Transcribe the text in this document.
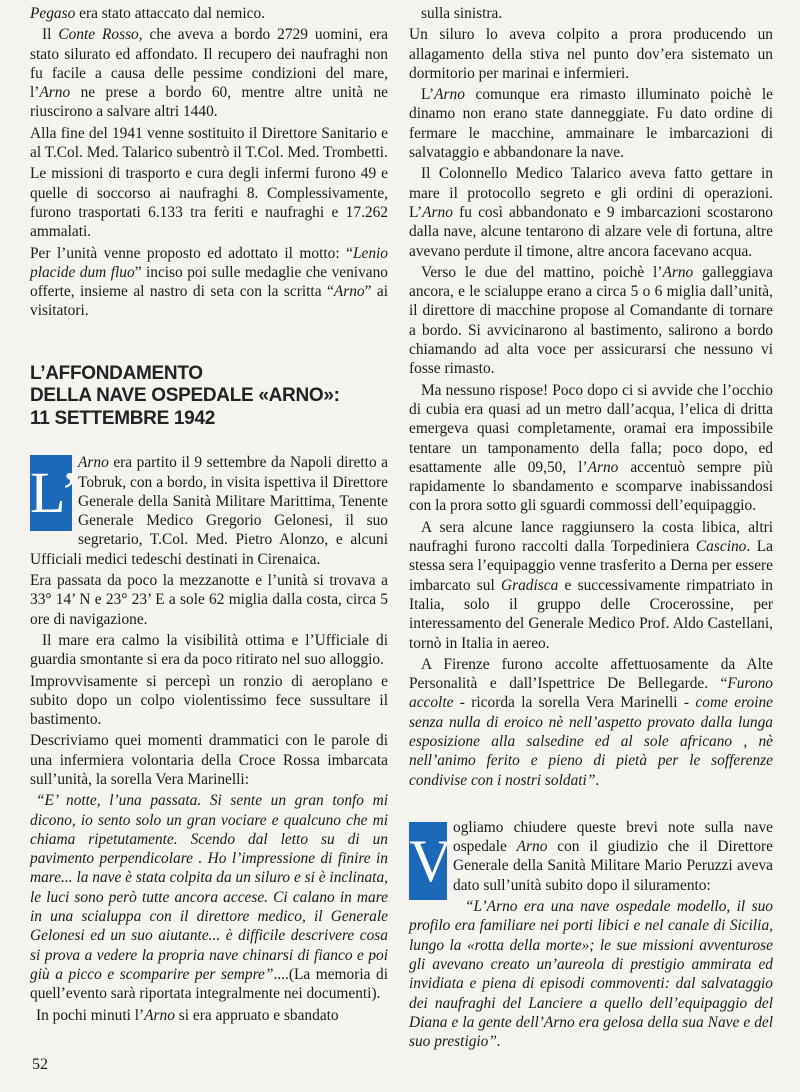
Pegaso era stato attaccato dal nemico.

Il Conte Rosso, che aveva a bordo 2729 uomini, era stato silurato ed affondato. Il recupero dei naufraghi non fu facile a causa delle pessime condizioni del mare, l’Arno ne prese a bordo 60, mentre altre unità ne riuscirono a salvare altri 1440.

Alla fine del 1941 venne sostituito il Direttore Sanitario e al T.Col. Med. Talarico subentrò il T.Col. Med. Trombetti.

Le missioni di trasporto e cura degli infermi furono 49 e quelle di soccorso ai naufraghi 8. Complessivamente, furono trasportati 6.133 tra feriti e naufraghi e 17.262 ammalati.

Per l’unità venne proposto ed adottato il motto: “Lenio placide dum fluo” inciso poi sulle medaglie che venivano offerte, insieme al nastro di seta con la scritta “Arno” ai visitatori.

L’AFFONDAMENTO
DELLA NAVE OSPEDALE «ARNO»:
11 SETTEMBRE 1942

L’
Arno era partito il 9 settembre da Napoli diretto a Tobruk, con a bordo, in visita ispettiva il Direttore Generale della Sanità Militare Marittima, Tenente Generale Medico Gregorio Gelonesi, il suo segretario, T.Col. Med. Pietro Alonzo, e alcuni Ufficiali medici tedeschi destinati in Cirenaica.

Era passata da poco la mezzanotte e l’unità si trovava a 33° 14’ N e 23° 23’ E a sole 62 miglia dalla costa, circa 5 ore di navigazione.

Il mare era calmo la visibilità ottima e l’Ufficiale di guardia smontante si era da poco ritirato nel suo alloggio.

Improvvisamente si percepì un ronzio di aeroplano e subito dopo un colpo violentissimo fece sussultare il bastimento.

Descriviamo quei momenti drammatici con le parole di una infermiera volontaria della Croce Rossa imbarcata sull’unità, la sorella Vera Marinelli:

“E’ notte, l’una passata. Si sente un gran tonfo mi dicono, io sento solo un gran vociare e qualcuno che mi chiama ripetutamente. Scendo dal letto su di un pavimento perpendicolare . Ho l’impressione di finire in mare... la nave è stata colpita da un siluro e si è inclinata, le luci sono però tutte ancora accese. Ci calano in mare in una scialuppa con il direttore medico, il Generale Gelonesi ed un suo aiutante... è difficile descrivere cosa si prova a vedere la propria nave chinarsi di fianco e poi giù a picco e scomparire per sempre”....(La memoria di quell’evento sarà riportata integralmente nei documenti).

In pochi minuti l’Arno si era appruato e sbandato

sulla sinistra.

Un siluro lo aveva colpito a prora producendo un allagamento della stiva nel punto dov’era sistemato un dormitorio per marinai e infermieri.

L’Arno comunque era rimasto illuminato poichè le dinamo non erano state danneggiate. Fu dato ordine di fermare le macchine, ammainare le imbarcazioni di salvataggio e abbandonare la nave.

Il Colonnello Medico Talarico aveva fatto gettare in mare il protocollo segreto e gli ordini di operazioni. L’Arno fu così abbandonato e 9 imbarcazioni scostarono dalla nave, alcune tentarono di alzare vele di fortuna, altre avevano perdute il timone, altre ancora facevano acqua.

Verso le due del mattino, poichè l’Arno galleggiava ancora, e le scialuppe erano a circa 5 o 6 miglia dall’unità, il direttore di macchine propose al Comandante di tornare a bordo. Si avvicinarono al bastimento, salirono a bordo chiamando ad alta voce per assicurarsi che nessuno vi fosse rimasto.

Ma nessuno rispose! Poco dopo ci si avvide che l’occhio di cubia era quasi ad un metro dall’acqua, l’elica di dritta emergeva quasi completamente, oramai era impossibile tentare un tamponamento della falla; poco dopo, ed esattamente alle 09,50, l’Arno accentuò sempre più rapidamente lo sbandamento e scomparve inabissandosi con la prora sotto gli sguardi commossi dell’equipaggio.

A sera alcune lance raggiunsero la costa libica, altri naufraghi furono raccolti dalla Torpediniera Cascino. La stessa sera l’equipaggio venne trasferito a Derna per essere imbarcato sul Gradisca e successivamente rimpatriato in Italia, solo il gruppo delle Crocerossine, per interessamento del Generale Medico Prof. Aldo Castellani, tornò in Italia in aereo.

A Firenze furono accolte affettuosamente da Alte Personalità e dall’Ispettrice De Bellegarde. “Furono accolte - ricorda la sorella Vera Marinelli - come eroine senza nulla di eroico nè nell’aspetto provato dalla lunga esposizione alla salsedine ed al sole africano , nè nell’animo ferito e pieno di pietà per le sofferenze condivise con i nostri soldati”.

V
ogliamo chiudere queste brevi note sulla nave ospedale Arno con il giudizio che il Direttore Generale della Sanità Militare Mario Peruzzi aveva dato sull’unità subito dopo il siluramento:

“L’Arno era una nave ospedale modello, il suo profilo era familiare nei porti libici e nel canale di Sicilia, lungo la «rotta della morte»; le sue missioni avventurose gli avevano creato un’aureola di prestigio ammirata ed invidiata e piena di episodi commoventi: dal salvataggio dei naufraghi del Lanciere a quello dell’equipaggio del Diana e la gente dell’Arno era gelosa della sua Nave e del suo prestigio”.

52
